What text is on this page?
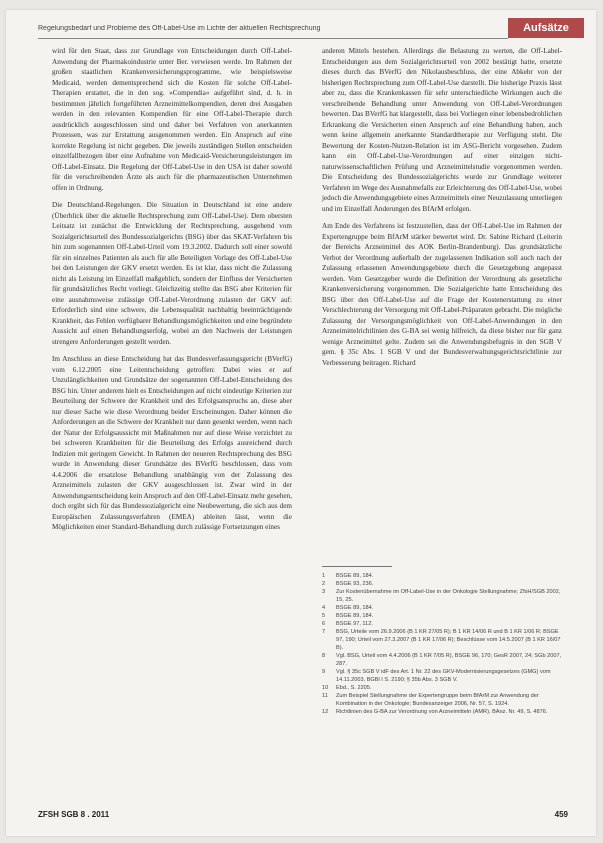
Regelungsbedarf und Probleme des Off-Label-Use im Lichte der aktuellen Rechtsprechung	Aufsätze

wird für den Staat, dass zur Grundlage von Entscheidungen durch Off-Label-Anwendung der Pharmakoindustrie unter Ber. verwiesen werde. Im Rahmen der großen staatlichen Krankenversicherungsprogramme, wie beispielsweise Medicaid, werden dementsprechend sich die Kosten für solche Off-Label-Therapien erstattet, die in den sog. »Compendia« aufgeführt sind, d. h. in bestimmten jährlich fortgeführten Arzneimittelkompendien, deren drei Ausgaben werden in den relevanten Kompendien für eine Off-Label-Therapie durch ausdrücklich ausgeschlossen sind und daher bei Verfahren von anerkannten Prozessen, was zur Erstattung ausgenommen werden. Ein Anspruch auf eine korrekte Regelung ist nicht gegeben. Die jeweils zuständigen Stellen entscheiden einzelfallbezogen über eine Aufnahme von Medicaid-Versicherungsleistungen im Off-Label-Einsatz. Die Regelung der Off-Label-Use in den USA ist daher sowohl für die verschreibenden Ärzte als auch für die pharmazeutischen Unternehmen offen in Ordnung.

Die Deutschland-Regelungen. Die Situation in Deutschland ist eine andere (Überblick über die aktuelle Rechtsprechung zum Off-Label-Use). Dem obersten Leitsatz ist zunächst die Entwicklung der Rechtsprechung, ausgehend vom Sozialgerichtsurteil des Bundessozialgerichts (BSG) über das SKAT-Verfahren bis hin zum sogenannten Off-Label-Urteil vom 19.3.2002. Dadurch soll einer sowohl für ein einzelnes Patienten als auch für alle Beteiligten Vorlage des Off-Label-Use bei den Leistungen der GKV ersetzt werden. Es ist klar, dass nicht die Zulassung nicht als Leistung im Einzelfall maßgeblich, sondern der Einfluss der Versicherten für grundsätzliches Recht vorliegt. Gleichzeitig stellte das BSG aber Kriterien für eine ausnahmsweise zulässige Off-Label-Verordnung zulasten der GKV auf: Erforderlich sind eine schwere, die Lebensqualität nachhaltig beeinträchtigende Krankheit, das Fehlen verfügbarer Behandlungsmöglichkeiten und eine begründete Aussicht auf einen Behandlungserfolg, wobei an den Nachweis der Leistungen strengere Anforderungen gestellt werden.

Im Anschluss an diese Entscheidung hat das Bundesverfassungsgericht (BVerfG) vom 6.12.2005 eine Leitentscheidung getroffen: Dabei wies er auf Unzulänglichkeiten und Grundsätze der sogenannten Off-Label-Entscheidung des BSG hin. Unter anderem hielt es Entscheidungen auf nicht eindeutige Kriterien zur Beurteilung der Schwere der Krankheit und des Erfolgsanspruchs an, diese aber nur dieser Sache wie diese Verordnung beider Erscheinungen. Daher können die Anforderungen an die Schwere der Krankheit nur dann gesenkt werden, wenn nach der Natur der Erfolgsaussicht mit Maßnahmen nur auf diese Weise verzichtet zu bei schweren Krankheiten für die Beurteilung des Erfolgs ausreichend durch Indizien mit geringem Gewicht. In Rahmen der neueren Rechtsprechung des BSG wurde in Anwendung dieser Grundsätze des BVerfG beschlossen, dass vom 4.4.2006 die ersatzlose Behandlung unabhängig von der Zulassung des Arzneimittels zulasten der GKV ausgeschlossen ist. Zwar wird in der Anwendungsentscheidung kein Anspruch auf den Off-Label-Einsatz mehr gesehen, doch ergibt sich für das Bundessozialgericht eine Neubewertung, die sich aus dem Europäischen Zulassungsverfahren (EMEA) ableiten lässt, wenn die Möglichkeiten einer Standard-Behandlung durch zulässige Fortsetzungen eines

anderen Mittels bestehen. Allerdings die Belastung zu werten, die Off-Label-Entscheidungen aus dem Sozialgerichtsurteil von 2002 bestätigt hatte, ersetzte dieses durch das BVerfG den Nikolausbeschluss, der eine Abkehr von der bisherigen Rechtsprechung zum Off-Label-Use darstellt. Die bisherige Praxis lässt aber zu, dass die Krankenkassen für sehr unterschiedliche Wirkungen auch die verschreibende Behandlung unter Anwendung von Off-Label-Verordnungen bewerten. Das BVerfG hat klargestellt, dass bei Vorliegen einer lebensbedrohlichen Erkrankung die Versicherten einen Anspruch auf eine Behandlung haben, auch wenn keine allgemein anerkannte Standardtherapie zur Verfügung steht. Die Bewertung der Kosten-Nutzen-Relation ist im ASG-Bericht vorgesehen. Zudem kann ein Off-Label-Use-Verordnungen auf einer einzigen nicht-naturwissenschaftlichen Prüfung und Arzneimittelstudie vorgenommen werden. Die Entscheidung des Bundessozialgerichts wurde zur Grundlage weiterer Verfahren im Wege des Ausnahmefalls zur Erleichterung des Off-Label-Use, wobei jedoch die Anwendungsgebiete eines Arzneimittels einer Neuzulassung unterliegen und im Einzelfall Änderungen des BfArM erfolgen.

Am Ende des Verfahrens ist festzustellen, dass der Off-Label-Use im Rahmen der Expertengruppe beim BfArM stärker bewertet wird. Dr. Sabine Richard (Leiterin der Bereichs Arzneimittel des AOK Berlin-Brandenburg). Das grundsätzliche Verbot der Verordnung außerhalb der zugelassenen Indikation soll auch nach der Zulassung erlassenen Anwendungsgebiete durch die Gesetzgebung angepasst werden. Vom Gesetzgeber wurde die Definition der Verordnung als gesetzliche Krankenversicherung vorgenommen. Die Sozialgerichte hatte Entscheidung des BSG über den Off-Label-Use auf die Frage der Kostenerstattung zu einer Verschlechterung der Versorgung mit Off-Label-Präparaten gebracht. Die mögliche Zulassung der Versorgungsmöglichkeit von Off-Label-Anwendungen in den Arzneimittelrichtlinien des G-BA sei wenig hilfreich, da diese bisher nur für ganz wenige Arzneimittel gelte. Zudem sei die Anwendungsbefugnis in den SGB V gem. § 35c Abs. 1 SGB V und der Bundesverwaltungsgerichtsrichtlinie zur Verbesserung beitragen. Richard

1	BSGE 89, 184.
2	BSGE 93, 236.
3	Zur Kostenübernahme im Off-Label-Use in der Onkologie Stellungnahme; ZfsH/SGB 2002, 15, 25.
4	BSGE 89, 184.
5	BSGE 89, 184.
6	BSGE 97, 112.
7	BSG, Urteile vom 26.9.2006 (B 1 KR 27/05 R); B 1 KR 14/06 R und B 1 KR 1/06 R; BSGE 97, 190; Urteil vom 27.3.2007 (B 1 KR 17/06 R); Beschlüsse vom 14.5.2007 (B 1 KR 16/07 B).
8	Vgl. BSG, Urteil vom 4.4.2006 (B 1 KR 7/05 R), BSGE 96, 170; GesR 2007, 24; SGb 2007, 287.
9	Vgl. § 35c SGB V idF des Art. 1 Nr. 22 des GKV-Modernisierungsgesetzes (GMG) vom 14.11.2003, BGBl I S. 2190; § 35b Abs. 3 SGB V.
10	Ebd., S. 2205.
11	Zum Beispiel Stellungnahme der Expertengruppe beim BfArM zur Anwendung der Kombination in der Onkologie; Bundesanzeiger 2006, Nr. 57, S. 1924.
12	Richtlinien des G-BA zur Verordnung von Arzneimitteln (AMR), BAnz. Nr. 49, S. 4876.
ZFSH SGB 8 . 2011	459
